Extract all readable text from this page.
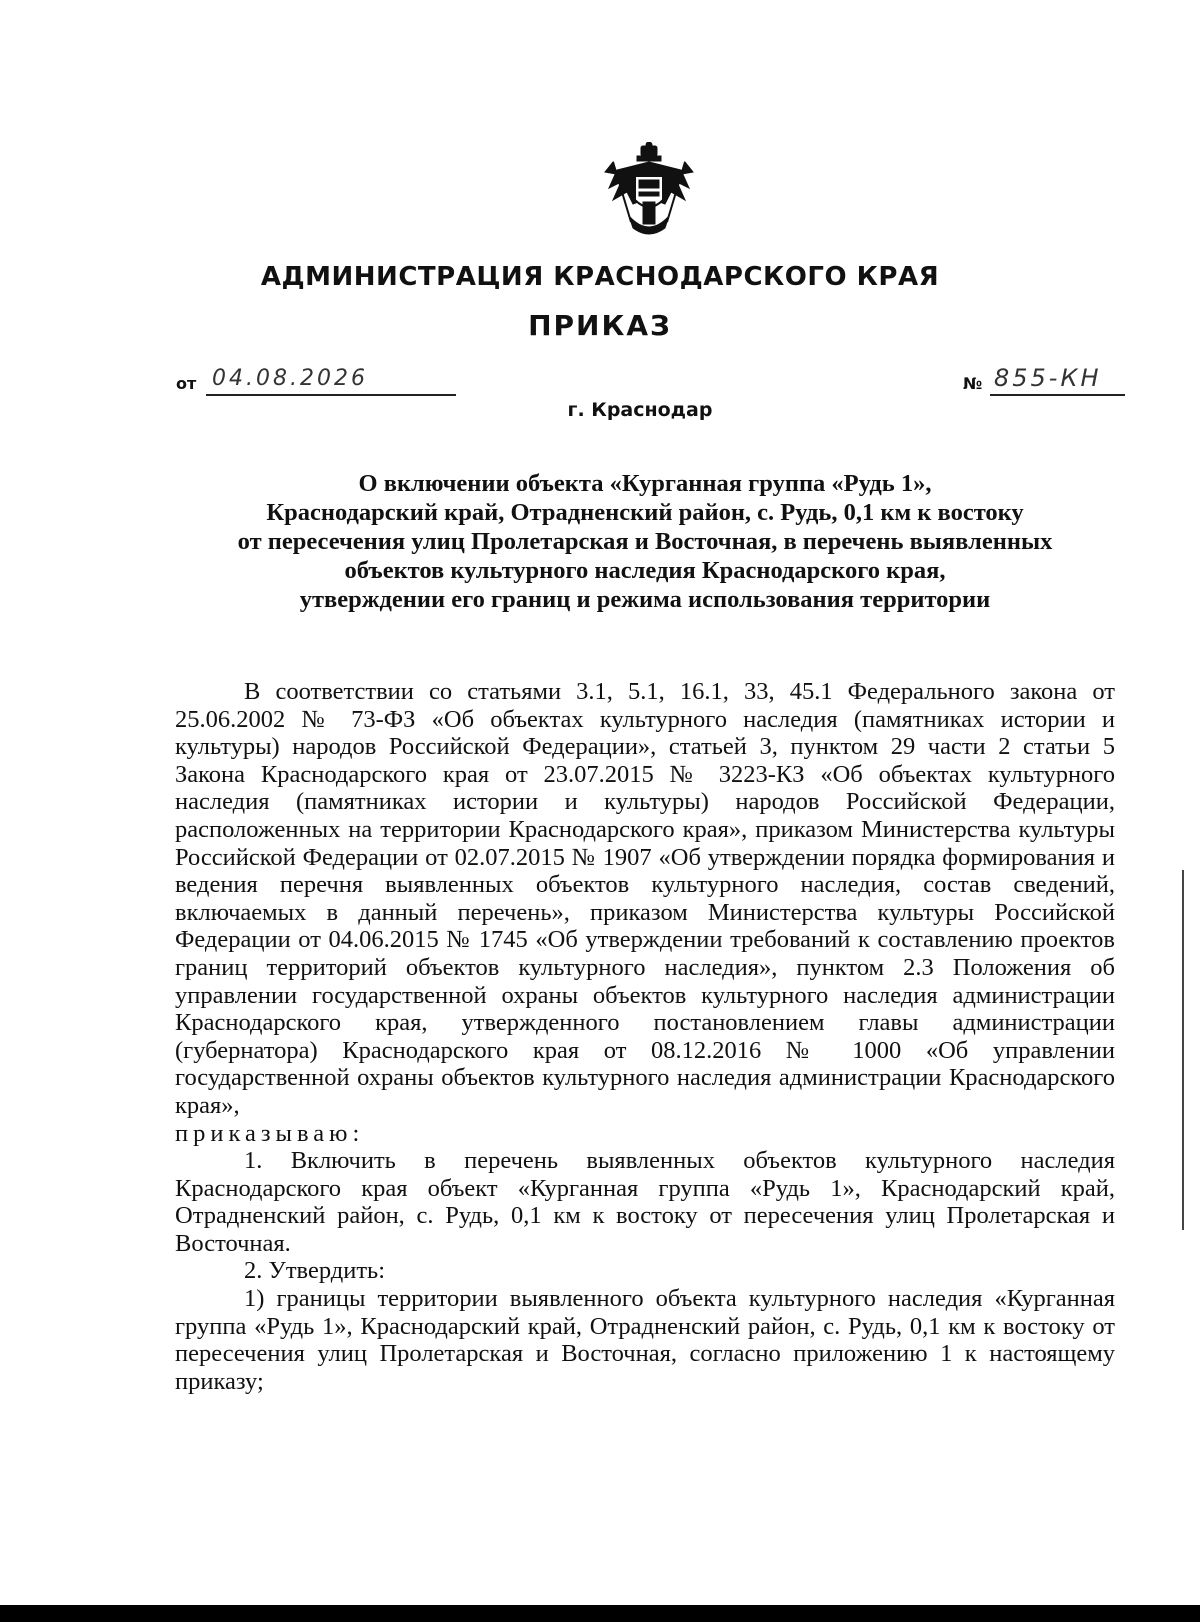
АДМИНИСТРАЦИЯ КРАСНОДАРСКОГО КРАЯ
ПРИКАЗ
от 04.08.2026	№ 855-КН
г. Краснодар
О включении объекта «Курганная группа «Рудь 1»,
Краснодарский край, Отрадненский район, с. Рудь, 0,1 км к востоку
от пересечения улиц Пролетарская и Восточная, в перечень выявленных
объектов культурного наследия Краснодарского края,
утверждении его границ и режима использования территории

В соответствии со статьями 3.1, 5.1, 16.1, 33, 45.1 Федерального закона от 25.06.2002 № 73-ФЗ «Об объектах культурного наследия (памятниках истории и культуры) народов Российской Федерации», статьей 3, пунктом 29 части 2 статьи 5 Закона Краснодарского края от 23.07.2015 № 3223-КЗ «Об объектах культурного наследия (памятниках истории и культуры) народов Российской Федерации, расположенных на территории Краснодарского края», приказом Министерства культуры Российской Федерации от 02.07.2015 № 1907 «Об утверждении порядка формирования и ведения перечня выявленных объектов культурного наследия, состав сведений, включаемых в данный перечень», приказом Министерства культуры Российской Федерации от 04.06.2015 № 1745 «Об утверждении требований к составлению проектов границ территорий объектов культурного наследия», пунктом 2.3 Положения об управлении государственной охраны объектов культурного наследия администрации Краснодарского края, утвержденного постановлением главы администрации (губернатора) Краснодарского края от 08.12.2016 № 1000 «Об управлении государственной охраны объектов культурного наследия администрации Краснодарского края»,

приказываю:

1. Включить в перечень выявленных объектов культурного наследия Краснодарского края объект «Курганная группа «Рудь 1», Краснодарский край, Отрадненский район, с. Рудь, 0,1 км к востоку от пересечения улиц Пролетарская и Восточная.

2. Утвердить:

1) границы территории выявленного объекта культурного наследия «Курганная группа «Рудь 1», Краснодарский край, Отрадненский район, с. Рудь, 0,1 км к востоку от пересечения улиц Пролетарская и Восточная, согласно приложению 1 к настоящему приказу;
